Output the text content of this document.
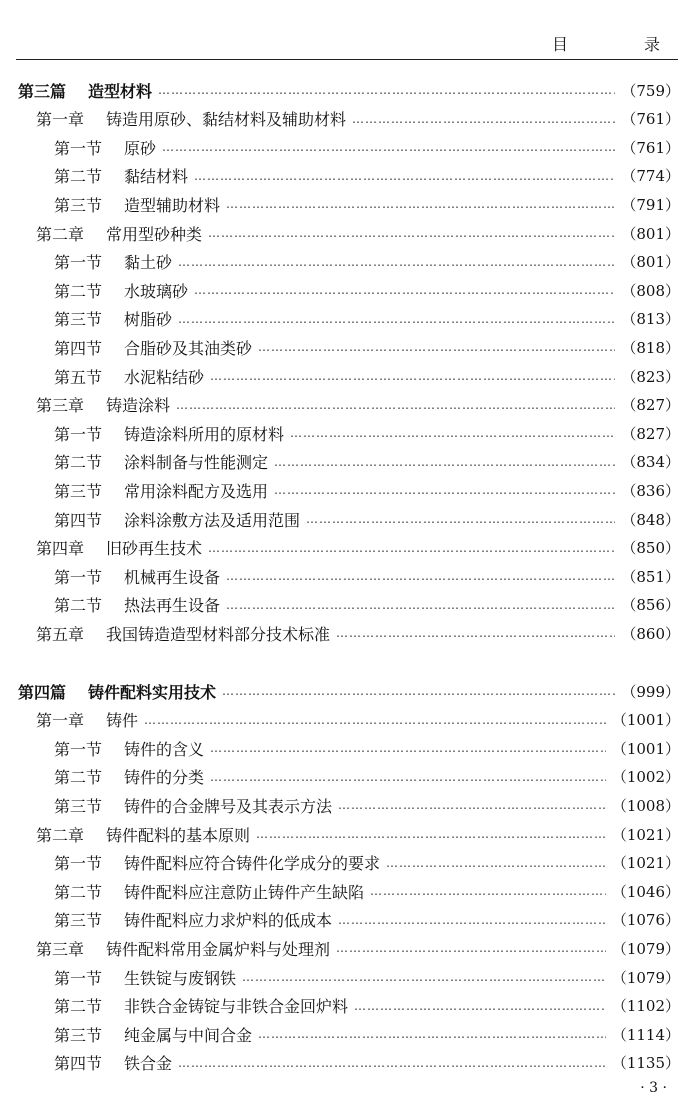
目　录
第三篇 造型材料 ……………………………………………………………………………………………………………………………………………………………………………………………………………………………………………………	（759）
第一章 铸造用原砂、黏结材料及辅助材料 ……………………………………………………………………………………………………………………………………………………………………………………………………………………………………………………	（761）
第一节 原砂 ……………………………………………………………………………………………………………………………………………………………………………………………………………………………………………………	（761）
第二节 黏结材料 ……………………………………………………………………………………………………………………………………………………………………………………………………………………………………………………	（774）
第三节 造型辅助材料 ……………………………………………………………………………………………………………………………………………………………………………………………………………………………………………………	（791）
第二章 常用型砂种类 ……………………………………………………………………………………………………………………………………………………………………………………………………………………………………………………	（801）
第一节 黏土砂 ……………………………………………………………………………………………………………………………………………………………………………………………………………………………………………………	（801）
第二节 水玻璃砂 ……………………………………………………………………………………………………………………………………………………………………………………………………………………………………………………	（808）
第三节 树脂砂 ……………………………………………………………………………………………………………………………………………………………………………………………………………………………………………………	（813）
第四节 合脂砂及其油类砂 ……………………………………………………………………………………………………………………………………………………………………………………………………………………………………………………	（818）
第五节 水泥粘结砂 ……………………………………………………………………………………………………………………………………………………………………………………………………………………………………………………	（823）
第三章 铸造涂料 ……………………………………………………………………………………………………………………………………………………………………………………………………………………………………………………	（827）
第一节 铸造涂料所用的原材料 ……………………………………………………………………………………………………………………………………………………………………………………………………………………………………………………	（827）
第二节 涂料制备与性能测定 ……………………………………………………………………………………………………………………………………………………………………………………………………………………………………………………	（834）
第三节 常用涂料配方及选用 ……………………………………………………………………………………………………………………………………………………………………………………………………………………………………………………	（836）
第四节 涂料涂敷方法及适用范围 ……………………………………………………………………………………………………………………………………………………………………………………………………………………………………………………	（848）
第四章 旧砂再生技术 ……………………………………………………………………………………………………………………………………………………………………………………………………………………………………………………	（850）
第一节 机械再生设备 ……………………………………………………………………………………………………………………………………………………………………………………………………………………………………………………	（851）
第二节 热法再生设备 ……………………………………………………………………………………………………………………………………………………………………………………………………………………………………………………	（856）
第五章 我国铸造造型材料部分技术标准 ……………………………………………………………………………………………………………………………………………………………………………………………………………………………………………………	（860）
第四篇 铸件配料实用技术 ……………………………………………………………………………………………………………………………………………………………………………………………………………………………………………………	（999）
第一章 铸件 ……………………………………………………………………………………………………………………………………………………………………………………………………………………………………………………	（1001）
第一节 铸件的含义 ……………………………………………………………………………………………………………………………………………………………………………………………………………………………………………………	（1001）
第二节 铸件的分类 ……………………………………………………………………………………………………………………………………………………………………………………………………………………………………………………	（1002）
第三节 铸件的合金牌号及其表示方法 ……………………………………………………………………………………………………………………………………………………………………………………………………………………………………………………	（1008）
第二章 铸件配料的基本原则 ……………………………………………………………………………………………………………………………………………………………………………………………………………………………………………………	（1021）
第一节 铸件配料应符合铸件化学成分的要求 ……………………………………………………………………………………………………………………………………………………………………………………………………………………………………………………	（1021）
第二节 铸件配料应注意防止铸件产生缺陷 ……………………………………………………………………………………………………………………………………………………………………………………………………………………………………………………	（1046）
第三节 铸件配料应力求炉料的低成本 ……………………………………………………………………………………………………………………………………………………………………………………………………………………………………………………	（1076）
第三章 铸件配料常用金属炉料与处理剂 ……………………………………………………………………………………………………………………………………………………………………………………………………………………………………………………	（1079）
第一节 生铁锭与废钢铁 ……………………………………………………………………………………………………………………………………………………………………………………………………………………………………………………	（1079）
第二节 非铁合金铸锭与非铁合金回炉料 ……………………………………………………………………………………………………………………………………………………………………………………………………………………………………………………	（1102）
第三节 纯金属与中间合金 ……………………………………………………………………………………………………………………………………………………………………………………………………………………………………………………	（1114）
第四节 铁合金 ……………………………………………………………………………………………………………………………………………………………………………………………………………………………………………………	（1135）
· 3 ·
